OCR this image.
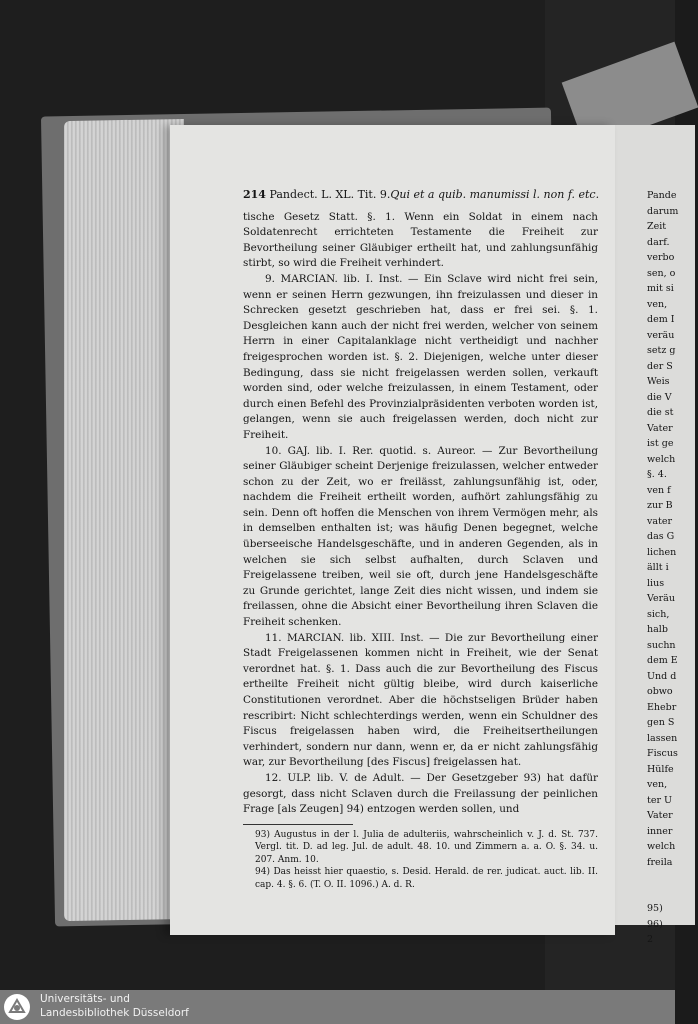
214 Pandect. L. XL. Tit. 9. Qui et a quib. manumissi l. non f. etc.

tische Gesetz Statt. §. 1. Wenn ein Soldat in einem nach Soldatenrecht errichteten Testamente die Freiheit zur Bevortheilung seiner Gläubiger ertheilt hat, und zahlungsunfähig stirbt, so wird die Freiheit verhindert.

9. MARCIAN. lib. I. Inst. — Ein Sclave wird nicht frei sein, wenn er seinen Herrn gezwungen, ihn freizulassen und dieser in Schrecken gesetzt geschrieben hat, dass er frei sei. §. 1. Desgleichen kann auch der nicht frei werden, welcher von seinem Herrn in einer Capitalanklage nicht vertheidigt und nachher freigesprochen worden ist. §. 2. Diejenigen, welche unter dieser Bedingung, dass sie nicht freigelassen werden sollen, verkauft worden sind, oder welche freizulassen, in einem Testament, oder durch einen Befehl des Provinzialpräsidenten verboten worden ist, gelangen, wenn sie auch freigelassen werden, doch nicht zur Freiheit.

10. GAJ. lib. I. Rer. quotid. s. Aureor. — Zur Bevortheilung seiner Gläubiger scheint Derjenige freizulassen, welcher entweder schon zu der Zeit, wo er freilässt, zahlungsunfähig ist, oder, nachdem die Freiheit ertheilt worden, aufhört zahlungsfähig zu sein. Denn oft hoffen die Menschen von ihrem Vermögen mehr, als in demselben enthalten ist; was häufig Denen begegnet, welche überseeische Handelsgeschäfte, und in anderen Gegenden, als in welchen sie sich selbst aufhalten, durch Sclaven und Freigelassene treiben, weil sie oft, durch jene Handelsgeschäfte zu Grunde gerichtet, lange Zeit dies nicht wissen, und indem sie freilassen, ohne die Absicht einer Bevortheilung ihren Sclaven die Freiheit schenken.

11. MARCIAN. lib. XIII. Inst. — Die zur Bevortheilung einer Stadt Freigelassenen kommen nicht in Freiheit, wie der Senat verordnet hat. §. 1. Dass auch die zur Bevortheilung des Fiscus ertheilte Freiheit nicht gültig bleibe, wird durch kaiserliche Constitutionen verordnet. Aber die höchstseligen Brüder haben rescribirt: Nicht schlechterdings werden, wenn ein Schuldner des Fiscus freigelassen haben wird, die Freiheitsertheilungen verhindert, sondern nur dann, wenn er, da er nicht zahlungsfähig war, zur Bevortheilung [des Fiscus] freigelassen hat.

12. ULP. lib. V. de Adult. — Der Gesetzgeber 93) hat dafür gesorgt, dass nicht Sclaven durch die Freilassung der peinlichen Frage [als Zeugen] 94) entzogen werden sollen, und

93) Augustus in der l. Julia de adulteriis, wahrscheinlich v. J. d. St. 737. Vergl. tit. D. ad leg. Jul. de adult. 48. 10. und Zimmern a. a. O. §. 34. u. 207. Anm. 10.

94) Das heisst hier quaestio, s. Desid. Herald. de rer. judicat. auct. lib. II. cap. 4. §. 6. (T. O. II. 1096.) A. d. R.

Pande
darum
Zeit
darf.
verbo
sen, o
mit si
ven,
dem I
veräu
setz g
der S
Weis
die V
die st
Vater
ist ge
welch
§. 4.
ven f
zur B
vater
das G
lichen
ällt i
lius
Veräu
sich,
halb
suchn
dem E
Und d
obwo
Ehebr
gen S
lassen
Fiscus
Hülfe
ven,
ter U
Vater
inner
welch
freila
95)
96)
2
Universitäts- und
Landesbibliothek Düsseldorf
